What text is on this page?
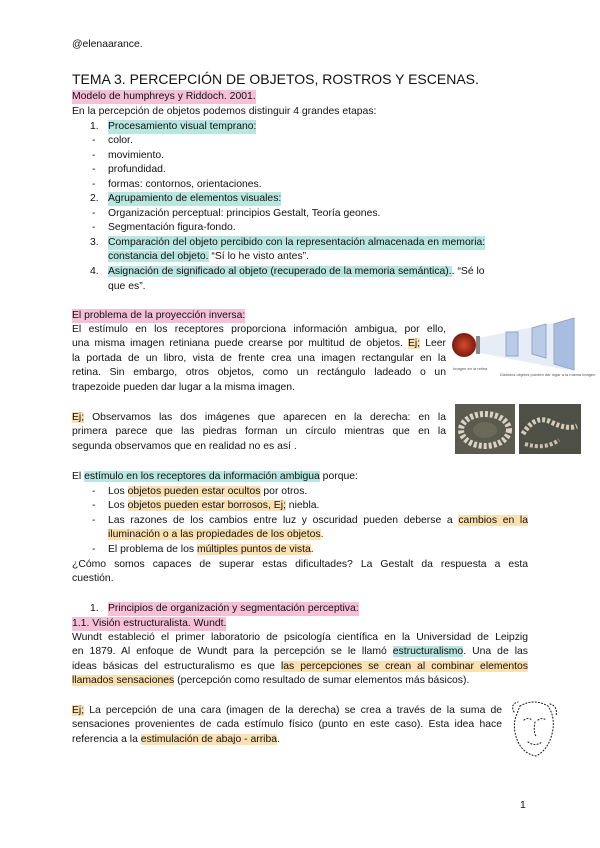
@elenaarance.
TEMA 3. PERCEPCIÓN DE OBJETOS, ROSTROS Y ESCENAS.
Modelo de humphreys y Riddoch. 2001.
En la percepción de objetos podemos distinguir 4 grandes etapas:
1. Procesamiento visual temprano:
- color.
- movimiento.
- profundidad.
- formas: contornos, orientaciones.
2. Agrupamiento de elementos visuales:
- Organización perceptual: principios Gestalt, Teoría geones.
- Segmentación figura-fondo.
3. Comparación del objeto percibido con la representación almacenada en memoria:
constancia del objeto. “Sí lo he visto antes”.
4. Asignación de significado al objeto (recuperado de la memoria semántica).. “Sé lo
que es”.
El problema de la proyección inversa:
El estímulo en los receptores proporciona información ambigua, por ello,
una misma imagen retiniana puede crearse por multitud de objetos. Ej; Leer
la portada de un libro, vista de frente crea una imagen rectangular en la
retina. Sin embargo, otros objetos, como un rectángulo ladeado o un
trapezoide pueden dar lugar a la misma imagen.
Imagen en la retina
Distintos objetos pueden dar lugar a la misma imagen
Ej; Observamos las dos imágenes que aparecen en la derecha: en la
primera parece que las piedras forman un círculo mientras que en la
segunda observamos que en realidad no es así .
El estímulo en los receptores da información ambigua porque:
- Los objetos pueden estar ocultos por otros.
- Los objetos pueden estar borrosos, Ej; niebla.
- Las razones de los cambios entre luz y oscuridad pueden deberse a cambios en la
iluminación o a las propiedades de los objetos.
- El problema de los múltiples puntos de vista.
¿Cómo somos capaces de superar estas dificultades? La Gestalt da respuesta a esta
cuestión.
1. Principios de organización y segmentación perceptiva:
1.1. Visión estructuralista. Wundt.
Wundt estableció el primer laboratorio de psicología científica en la Universidad de Leipzig
en 1879. Al enfoque de Wundt para la percepción se le llamó estructuralismo. Una de las
ideas básicas del estructuralismo es que las percepciones se crean al combinar elementos
llamados sensaciones (percepción como resultado de sumar elementos más básicos).
Ej; La percepción de una cara (imagen de la derecha) se crea a través de la suma de
sensaciones provenientes de cada estímulo físico (punto en este caso). Esta idea hace
referencia a la estimulación de abajo - arriba.
1
